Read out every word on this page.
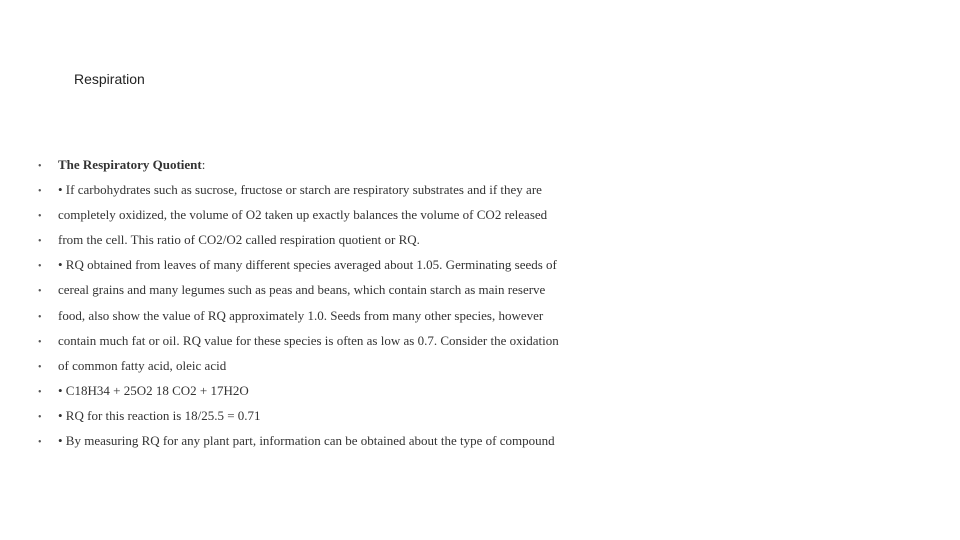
Respiration
•	The Respiratory Quotient :
•	• If carbohydrates such as sucrose, fructose or starch are respiratory substrates and if they are
•	completely oxidized, the volume of O2 taken up exactly balances the volume of CO2 released
•	from the cell. This ratio of CO2/O2 called respiration quotient or RQ.
•	• RQ obtained from leaves of many different species averaged about 1.05. Germinating seeds of
•	cereal grains and many legumes such as peas and beans, which contain starch as main reserve
•	food, also show the value of RQ approximately 1.0. Seeds from many other species, however
•	contain much fat or oil. RQ value for these species is often as low as 0.7. Consider the oxidation
•	of common fatty acid, oleic acid
•	• C18H34 + 25O2 18 CO2 + 17H2O
•	• RQ for this reaction is 18/25.5 = 0.71
•	• By measuring RQ for any plant part, information can be obtained about the type of compound
